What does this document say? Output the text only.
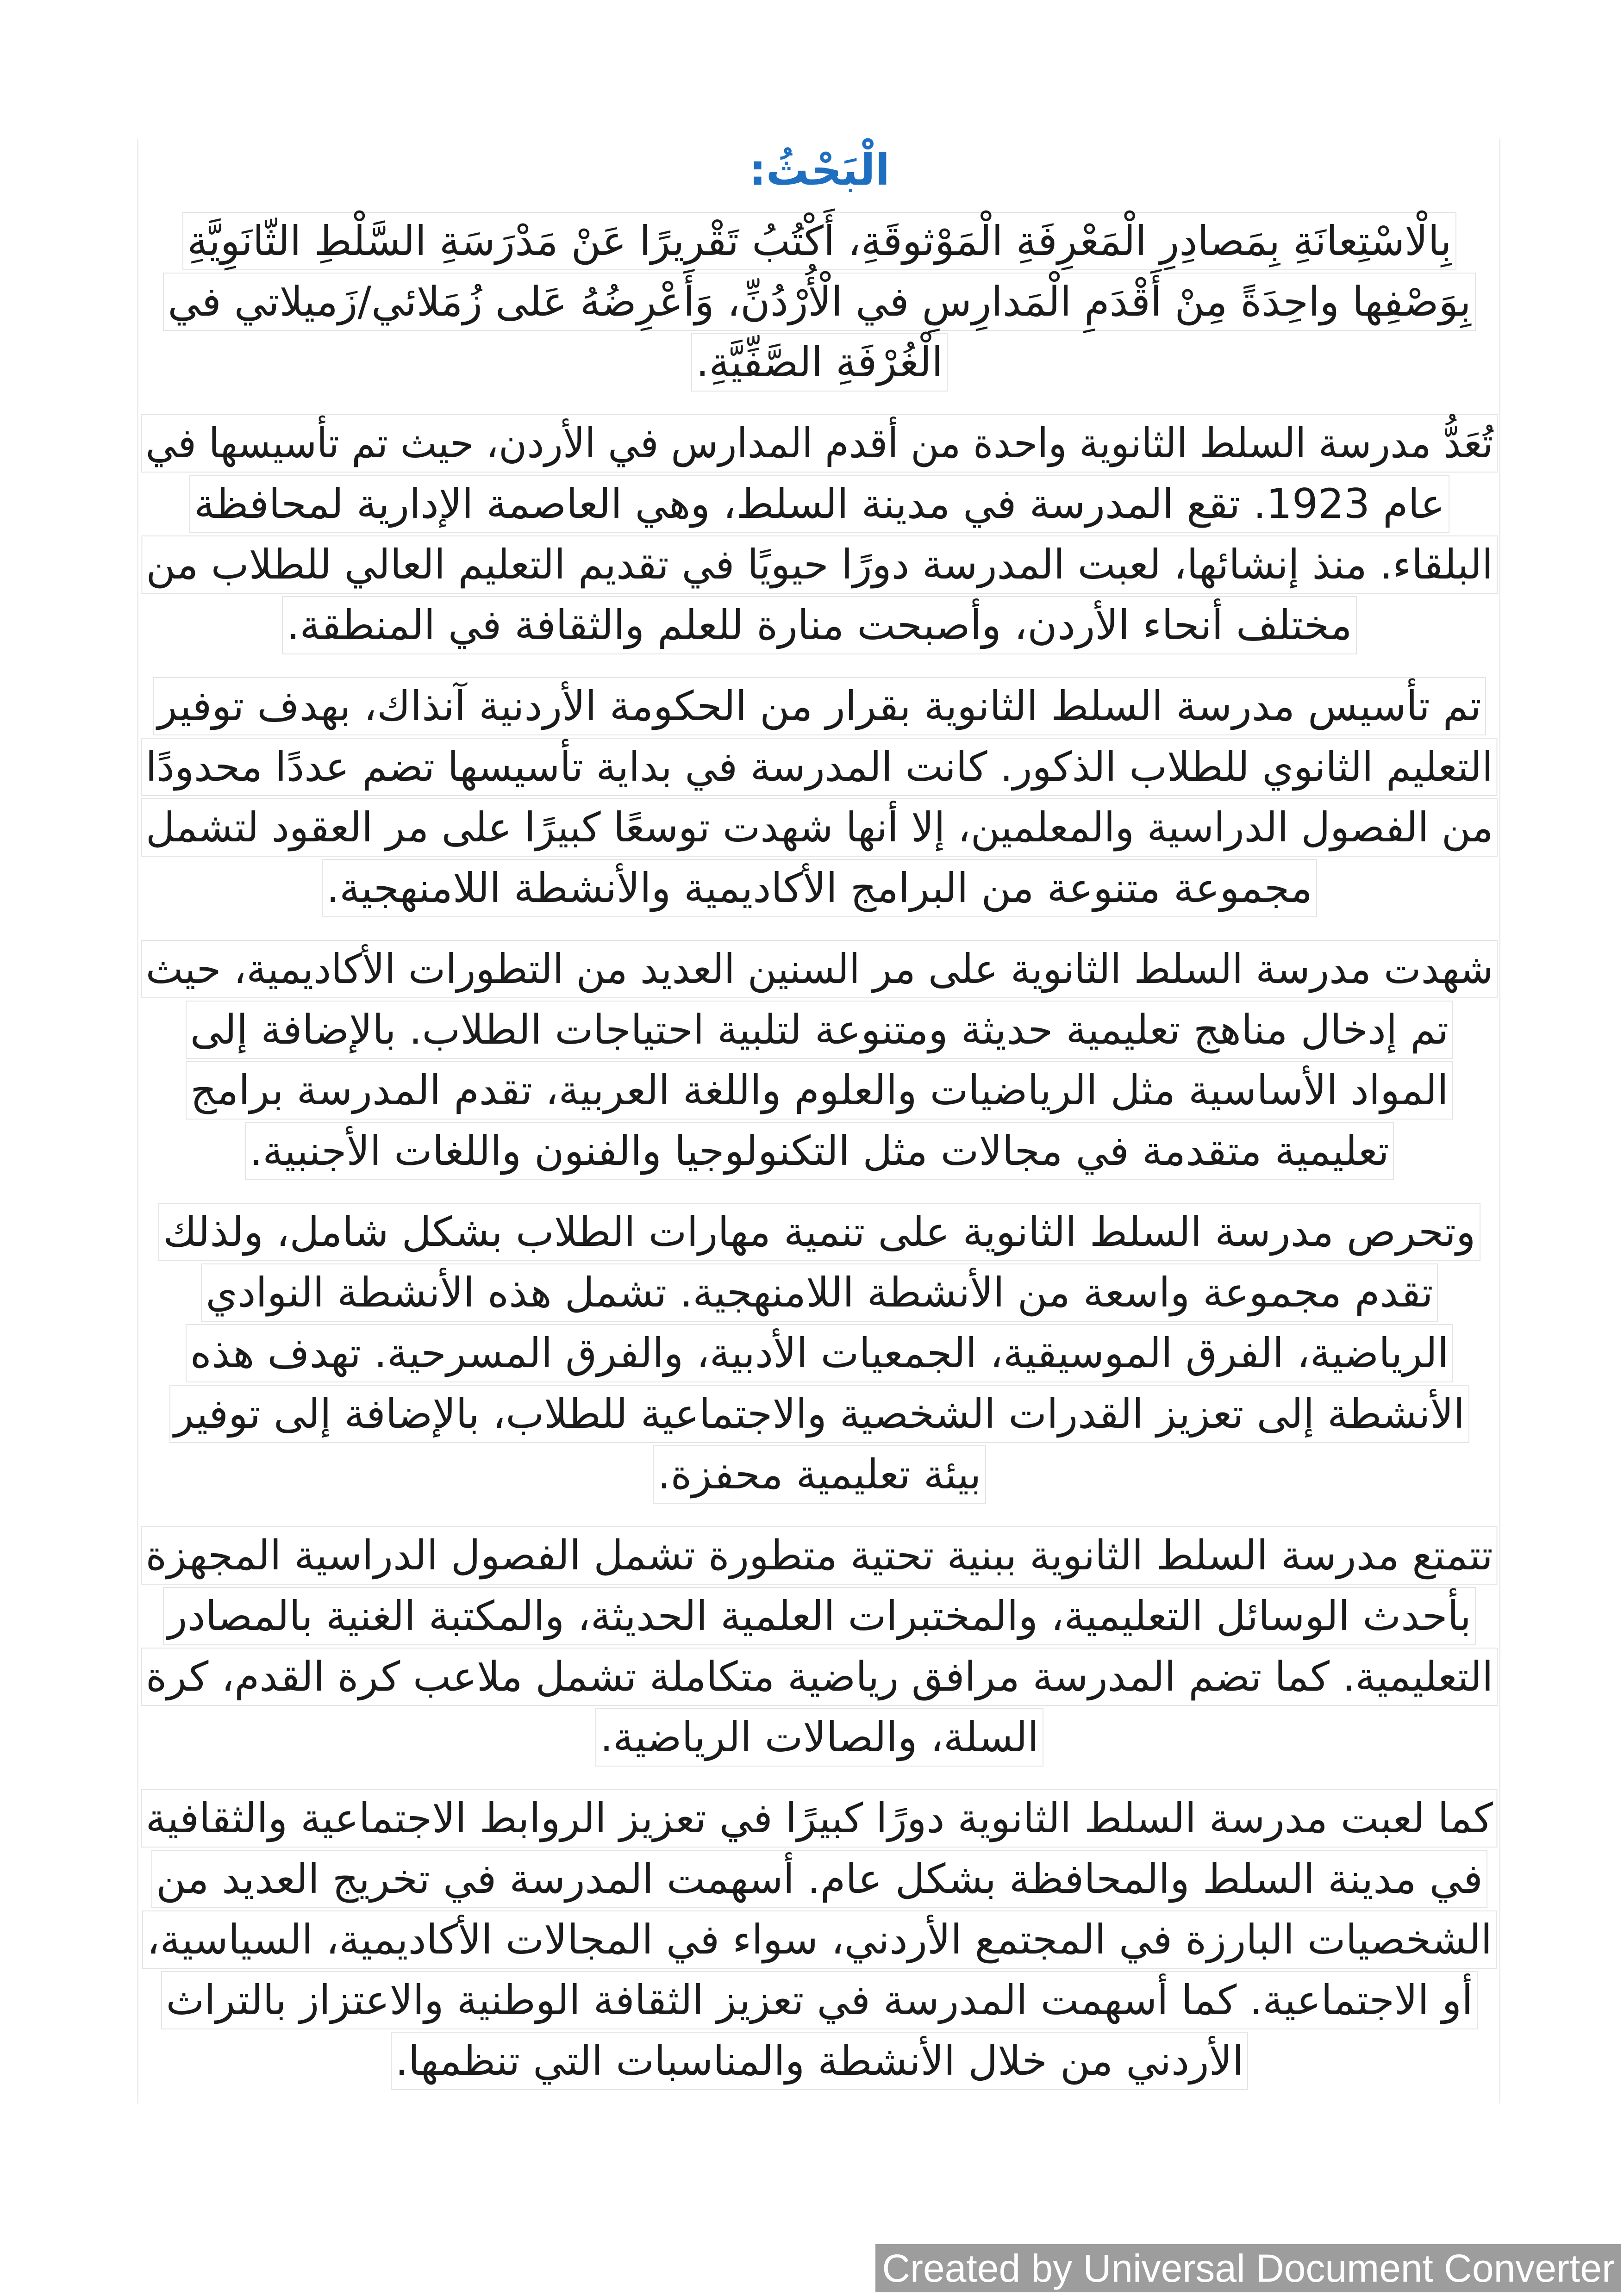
الْبَحْثُ:
بِالْاسْتِعانَةِ بِمَصادِرِ الْمَعْرِفَةِ الْمَوْثوقَةِ، أَكْتُبُ تَقْريرًا عَنْ مَدْرَسَةِ السَّلْطِ الثّانَوِيَّةِ
بِوَصْفِها واحِدَةً مِنْ أَقْدَمِ الْمَدارِسِ في الْأُرْدُنِّ، وَأَعْرِضُهُ عَلى زُمَلائي/زَميلاتي في
الْغُرْفَةِ الصَّفِّيَّةِ.
تُعَدُّ مدرسة السلط الثانوية واحدة من أقدم المدارس في الأردن، حيث تم تأسيسها في
عام 1923. تقع المدرسة في مدينة السلط، وهي العاصمة الإدارية لمحافظة
البلقاء. منذ إنشائها، لعبت المدرسة دورًا حيويًا في تقديم التعليم العالي للطلاب من
مختلف أنحاء الأردن، وأصبحت منارة للعلم والثقافة في المنطقة.
تم تأسيس مدرسة السلط الثانوية بقرار من الحكومة الأردنية آنذاك، بهدف توفير
التعليم الثانوي للطلاب الذكور. كانت المدرسة في بداية تأسيسها تضم عددًا محدودًا
من الفصول الدراسية والمعلمين، إلا أنها شهدت توسعًا كبيرًا على مر العقود لتشمل
مجموعة متنوعة من البرامج الأكاديمية والأنشطة اللامنهجية.
شهدت مدرسة السلط الثانوية على مر السنين العديد من التطورات الأكاديمية، حيث
تم إدخال مناهج تعليمية حديثة ومتنوعة لتلبية احتياجات الطلاب. بالإضافة إلى
المواد الأساسية مثل الرياضيات والعلوم واللغة العربية، تقدم المدرسة برامج
تعليمية متقدمة في مجالات مثل التكنولوجيا والفنون واللغات الأجنبية.
وتحرص مدرسة السلط الثانوية على تنمية مهارات الطلاب بشكل شامل، ولذلك
تقدم مجموعة واسعة من الأنشطة اللامنهجية. تشمل هذه الأنشطة النوادي
الرياضية، الفرق الموسيقية، الجمعيات الأدبية، والفرق المسرحية. تهدف هذه
الأنشطة إلى تعزيز القدرات الشخصية والاجتماعية للطلاب، بالإضافة إلى توفير
بيئة تعليمية محفزة.
تتمتع مدرسة السلط الثانوية ببنية تحتية متطورة تشمل الفصول الدراسية المجهزة
بأحدث الوسائل التعليمية، والمختبرات العلمية الحديثة، والمكتبة الغنية بالمصادر
التعليمية. كما تضم المدرسة مرافق رياضية متكاملة تشمل ملاعب كرة القدم، كرة
السلة، والصالات الرياضية.
كما لعبت مدرسة السلط الثانوية دورًا كبيرًا في تعزيز الروابط الاجتماعية والثقافية
في مدينة السلط والمحافظة بشكل عام. أسهمت المدرسة في تخريج العديد من
الشخصيات البارزة في المجتمع الأردني، سواء في المجالات الأكاديمية، السياسية،
أو الاجتماعية. كما أسهمت المدرسة في تعزيز الثقافة الوطنية والاعتزاز بالتراث
الأردني من خلال الأنشطة والمناسبات التي تنظمها.
Created by Universal Document Converter
